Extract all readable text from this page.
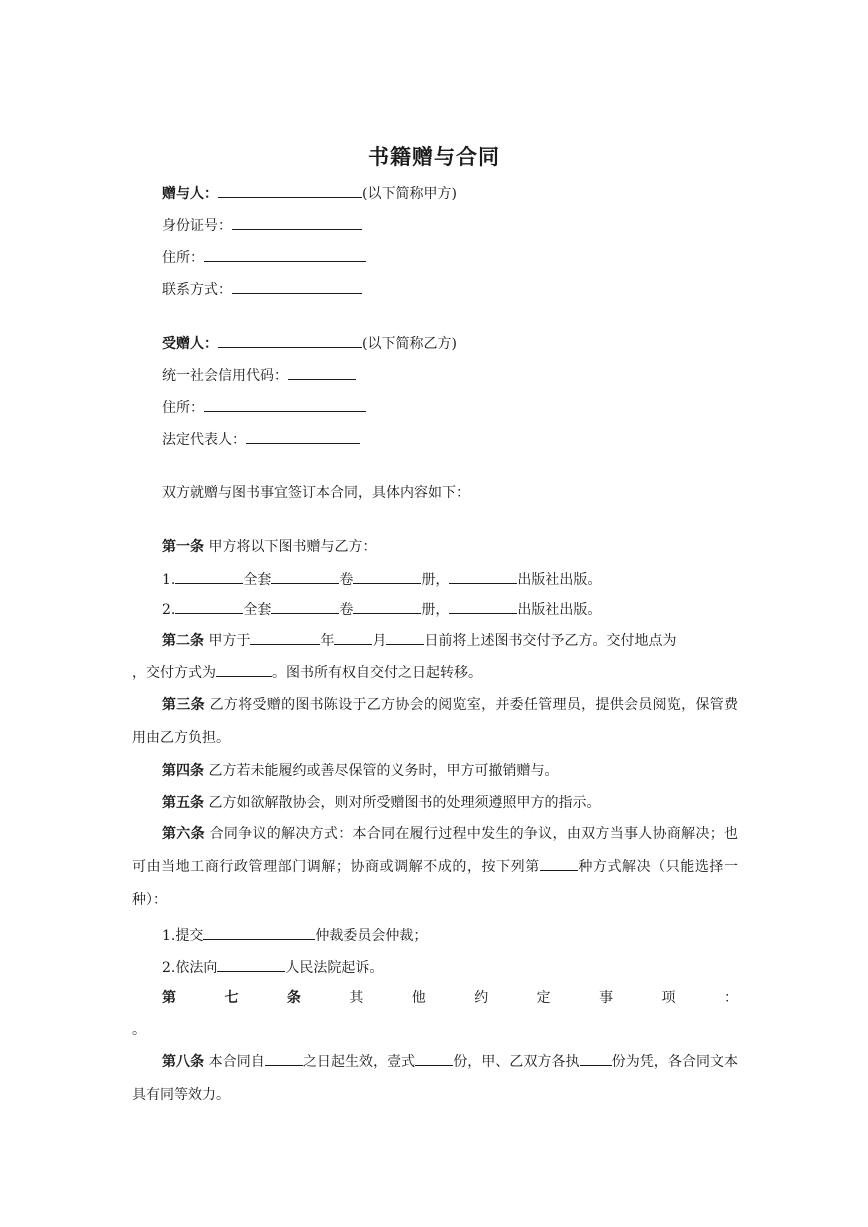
书籍赠与合同
赠与人：	(以下简称甲方)
身份证号：
住所：
联系方式：
受赠人：	(以下简称乙方)
统一社会信用代码：
住所：
法定代表人：
双方就赠与图书事宜签订本合同，具体内容如下：
第一条 甲方将以下图书赠与乙方：
1.	全套	卷	册，	出版社出版。
2.	全套	卷	册，	出版社出版。
第二条 甲方于	年	月	日前将上述图书交付予乙方。交付地点为
，交付方式为	。图书所有权自交付之日起转移。

第三条 乙方将受赠的图书陈设于乙方协会的阅览室，并委任管理员，提供会员阅览，保管费用由乙方负担。

第四条 乙方若未能履约或善尽保管的义务时，甲方可撤销赠与。
第五条 乙方如欲解散协会，则对所受赠图书的处理须遵照甲方的指示。

第六条 合同争议的解决方式：本合同在履行过程中发生的争议，由双方当事人协商解决；也可由当地工商行政管理部门调解；协商或调解不成的，按下列第	种方式解决（只能选择一种）：

1.提交	仲裁委员会仲裁；
2.依法向	人民法院起诉。
第	七	条	其	他	约	定	事	项	：
。

第八条 本合同自	之日起生效，壹式	份，甲、乙双方各执 份为凭，各合同文本具有同等效力。
